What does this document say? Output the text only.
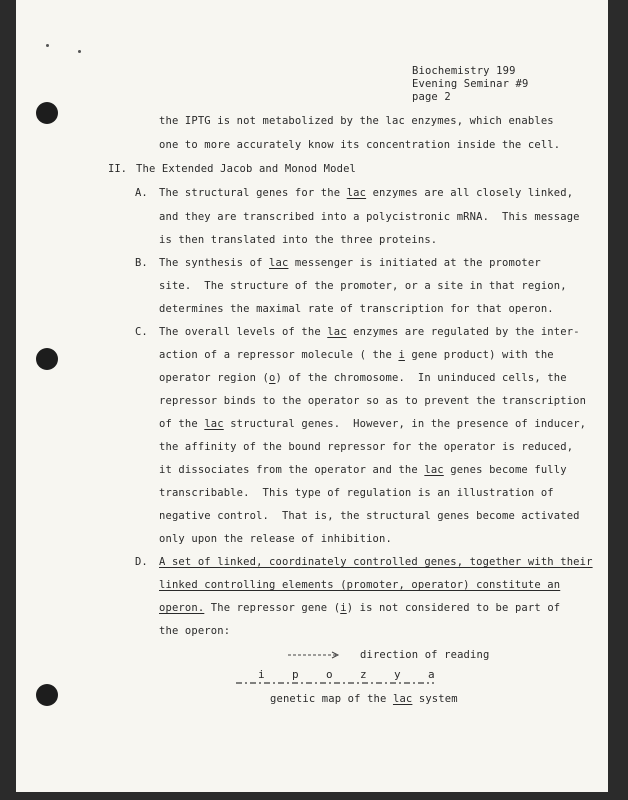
Biochemistry 199

Evening Seminar #9

page 2

the IPTG is not metabolized by the lac enzymes, which enables

one to more accurately know its concentration inside the cell.

II. The Extended Jacob and Monod Model

A. The structural genes for the lac enzymes are all closely linked,

and they are transcribed into a polycistronic mRNA.  This message

is then translated into the three proteins.

B. The synthesis of lac messenger is initiated at the promoter

site.  The structure of the promoter, or a site in that region,

determines the maximal rate of transcription for that operon.

C. The overall levels of the lac enzymes are regulated by the inter-

action of a repressor molecule ( the i gene product) with the

operator region (o) of the chromosome.  In uninduced cells, the

repressor binds to the operator so as to prevent the transcription

of the lac structural genes.  However, in the presence of inducer,

the affinity of the bound repressor for the operator is reduced,

it dissociates from the operator and the lac genes become fully

transcribable.  This type of regulation is an illustration of

negative control.  That is, the structural genes become activated

only upon the release of inhibition.

D. A set of linked, coordinately controlled genes, together with their

linked controlling elements (promoter, operator) constitute an

operon. The repressor gene (i) is not considered to be part of

the operon:

i p o z y a

direction of reading

genetic map of the lac system
